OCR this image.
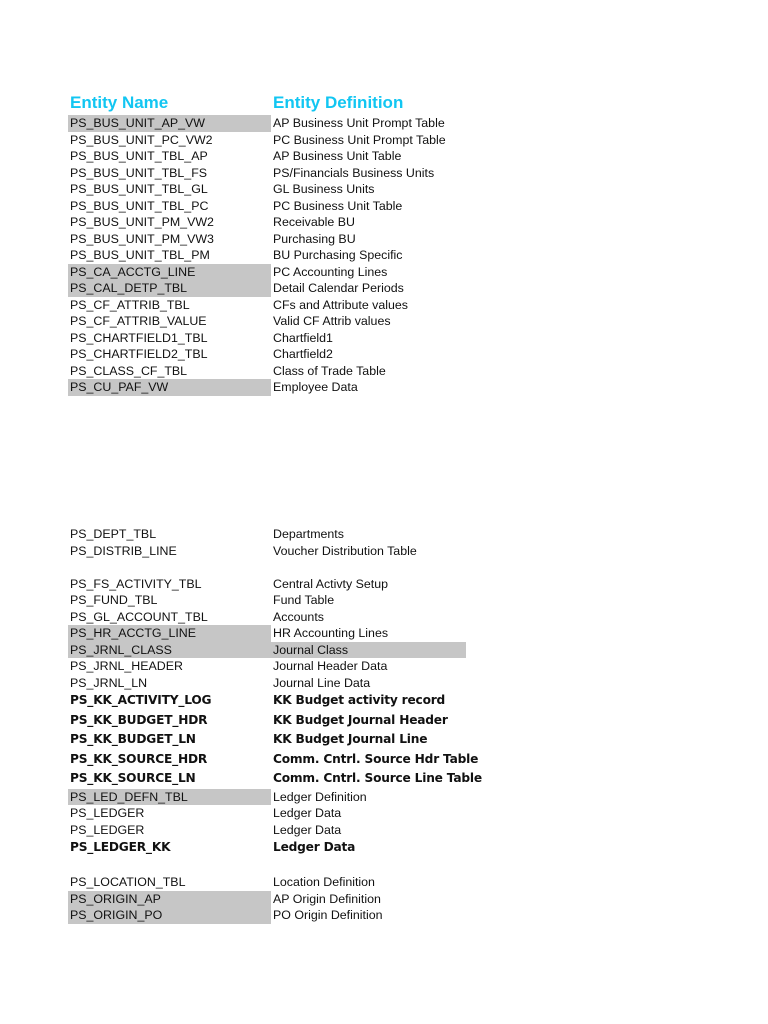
Entity Name	Entity Definition
PS_BUS_UNIT_AP_VW	AP Business Unit Prompt Table
PS_BUS_UNIT_PC_VW2	PC Business Unit Prompt Table
PS_BUS_UNIT_TBL_AP	AP Business Unit Table
PS_BUS_UNIT_TBL_FS	PS/Financials Business Units
PS_BUS_UNIT_TBL_GL	GL Business Units
PS_BUS_UNIT_TBL_PC	PC Business Unit Table
PS_BUS_UNIT_PM_VW2	Receivable BU
PS_BUS_UNIT_PM_VW3	Purchasing BU
PS_BUS_UNIT_TBL_PM	BU Purchasing Specific
PS_CA_ACCTG_LINE	PC Accounting Lines
PS_CAL_DETP_TBL	Detail Calendar Periods
PS_CF_ATTRIB_TBL	CFs and Attribute values
PS_CF_ATTRIB_VALUE	Valid CF Attrib values
PS_CHARTFIELD1_TBL	Chartfield1
PS_CHARTFIELD2_TBL	Chartfield2
PS_CLASS_CF_TBL	Class of Trade Table
PS_CU_PAF_VW	Employee Data
PS_DEPT_TBL	Departments
PS_DISTRIB_LINE	Voucher Distribution Table
PS_FS_ACTIVITY_TBL	Central Activty Setup
PS_FUND_TBL	Fund Table
PS_GL_ACCOUNT_TBL	Accounts
PS_HR_ACCTG_LINE	HR Accounting Lines
PS_JRNL_CLASS	Journal Class
PS_JRNL_HEADER	Journal Header Data
PS_JRNL_LN	Journal Line Data
PS_KK_ACTIVITY_LOG	KK Budget activity record
PS_KK_BUDGET_HDR	KK Budget Journal Header
PS_KK_BUDGET_LN	KK Budget Journal Line
PS_KK_SOURCE_HDR	Comm. Cntrl. Source Hdr Table
PS_KK_SOURCE_LN	Comm. Cntrl. Source Line Table
PS_LED_DEFN_TBL	Ledger Definition
PS_LEDGER	Ledger Data
PS_LEDGER	Ledger Data
PS_LEDGER_KK	Ledger Data
PS_LOCATION_TBL	Location Definition
PS_ORIGIN_AP	AP Origin Definition
PS_ORIGIN_PO	PO Origin Definition
